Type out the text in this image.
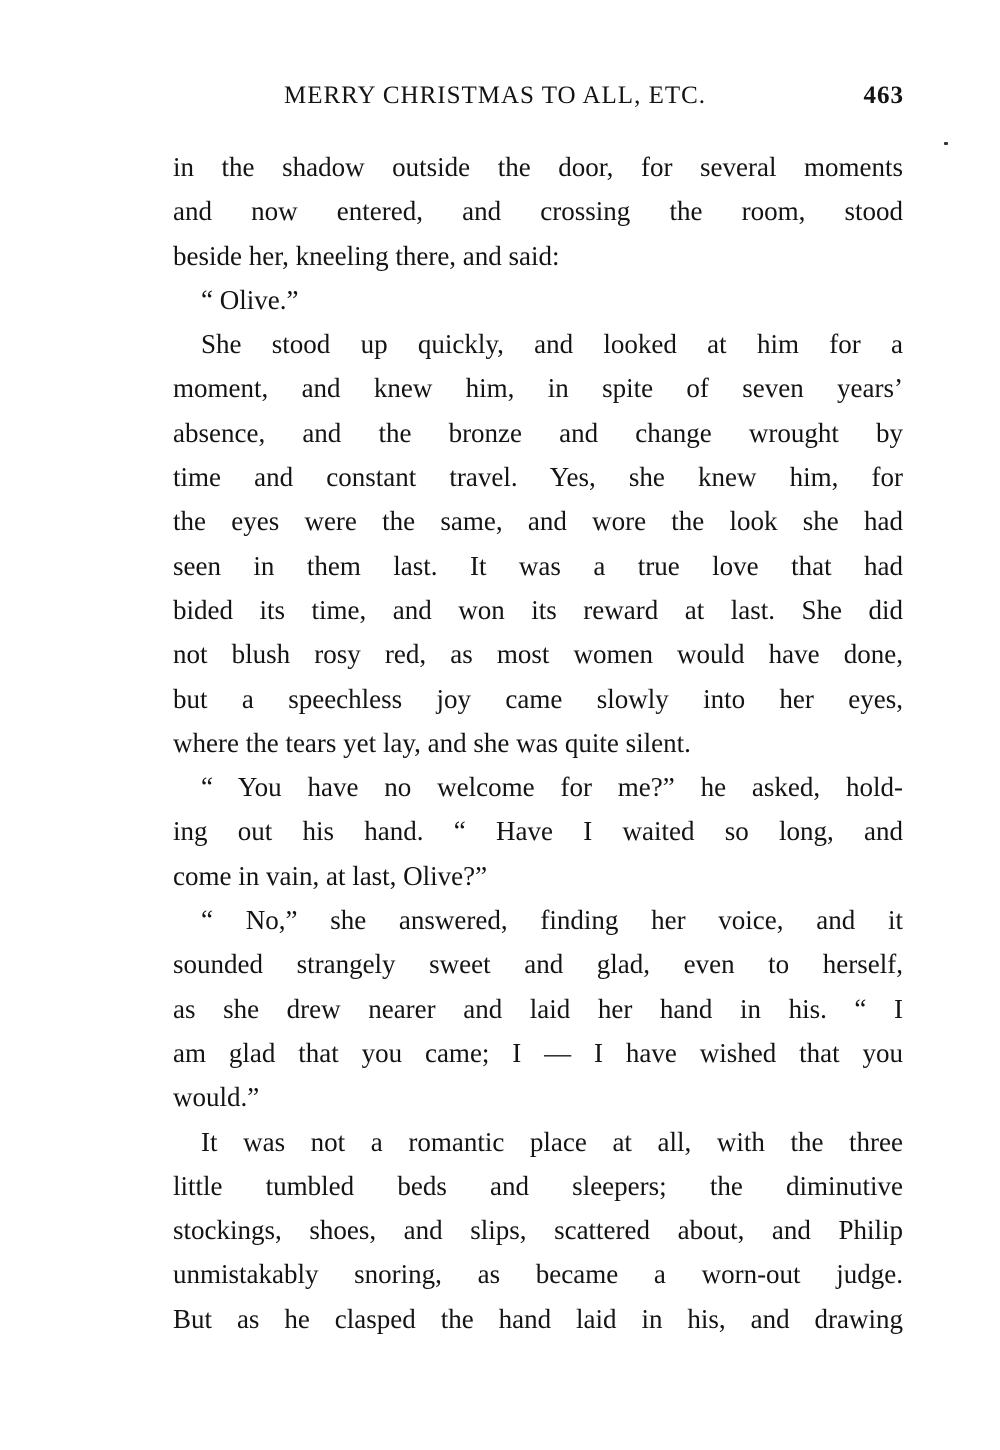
MERRY CHRISTMAS TO ALL, ETC.	463
in the shadow outside the door, for several moments
and now entered, and crossing the room, stood
beside her, kneeling there, and said:
“ Olive.”
She stood up quickly, and looked at him for a
moment, and knew him, in spite of seven years’
absence, and the bronze and change wrought by
time and constant travel. Yes, she knew him, for
the eyes were the same, and wore the look she had
seen in them last. It was a true love that had
bided its time, and won its reward at last. She did
not blush rosy red, as most women would have done,
but a speechless joy came slowly into her eyes,
where the tears yet lay, and she was quite silent.
“ You have no welcome for me?” he asked, hold-
ing out his hand. “ Have I waited so long, and
come in vain, at last, Olive?”
“ No,” she answered, finding her voice, and it
sounded strangely sweet and glad, even to herself,
as she drew nearer and laid her hand in his. “ I
am glad that you came; I — I have wished that you
would.”
It was not a romantic place at all, with the three
little tumbled beds and sleepers; the diminutive
stockings, shoes, and slips, scattered about, and Philip
unmistakably snoring, as became a worn-out judge.
But as he clasped the hand laid in his, and drawing
